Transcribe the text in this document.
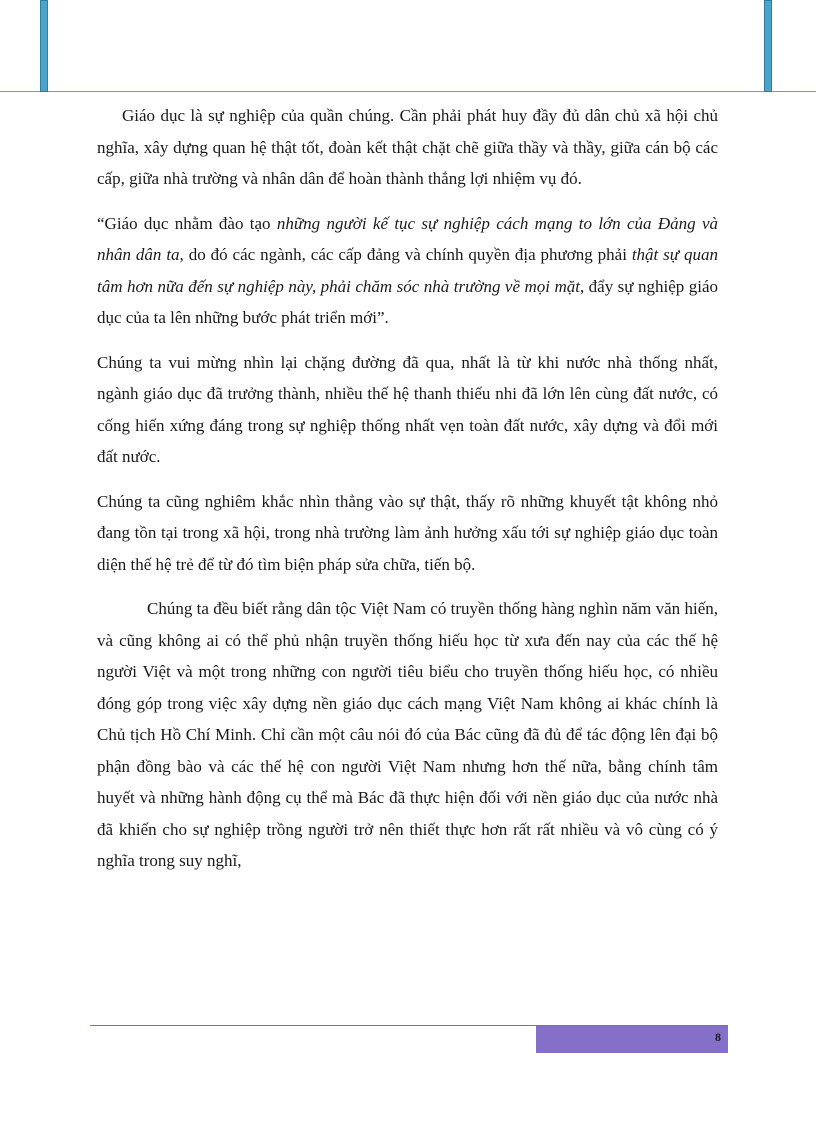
Giáo dục là sự nghiệp của quần chúng. Cần phải phát huy đầy đủ dân chủ xã hội chủ nghĩa, xây dựng quan hệ thật tốt, đoàn kết thật chặt chẽ giữa thầy và thầy, giữa cán bộ các cấp, giữa nhà trường và nhân dân để hoàn thành thắng lợi nhiệm vụ đó.

“Giáo dục nhằm đào tạo những người kế tục sự nghiệp cách mạng to lớn của Đảng và nhân dân ta, do đó các ngành, các cấp đảng và chính quyền địa phương phải thật sự quan tâm hơn nữa đến sự nghiệp này, phải chăm sóc nhà trường về mọi mặt, đẩy sự nghiệp giáo dục của ta lên những bước phát triển mới”.

Chúng ta vui mừng nhìn lại chặng đường đã qua, nhất là từ khi nước nhà thống nhất, ngành giáo dục đã trưởng thành, nhiều thế hệ thanh thiếu nhi đã lớn lên cùng đất nước, có cống hiến xứng đáng trong sự nghiệp thống nhất vẹn toàn đất nước, xây dựng và đổi mới đất nước.

Chúng ta cũng nghiêm khắc nhìn thẳng vào sự thật, thấy rõ những khuyết tật không nhỏ đang tồn tại trong xã hội, trong nhà trường làm ảnh hưởng xấu tới sự nghiệp giáo dục toàn diện thế hệ trẻ để từ đó tìm biện pháp sửa chữa, tiến bộ.

Chúng ta đều biết rằng dân tộc Việt Nam có truyền thống hàng nghìn năm văn hiến, và cũng không ai có thể phủ nhận truyền thống hiếu học từ xưa đến nay của các thế hệ người Việt và một trong những con người tiêu biểu cho truyền thống hiếu học, có nhiều đóng góp trong việc xây dựng nền giáo dục cách mạng Việt Nam không ai khác chính là Chủ tịch Hồ Chí Minh. Chỉ cần một câu nói đó của Bác cũng đã đủ để tác động lên đại bộ phận đồng bào và các thế hệ con người Việt Nam nhưng hơn thế nữa, bằng chính tâm huyết và những hành động cụ thể mà Bác đã thực hiện đối với nền giáo dục của nước nhà đã khiến cho sự nghiệp trồng người trở nên thiết thực hơn rất rất nhiều và vô cùng có ý nghĩa trong suy nghĩ,

8
